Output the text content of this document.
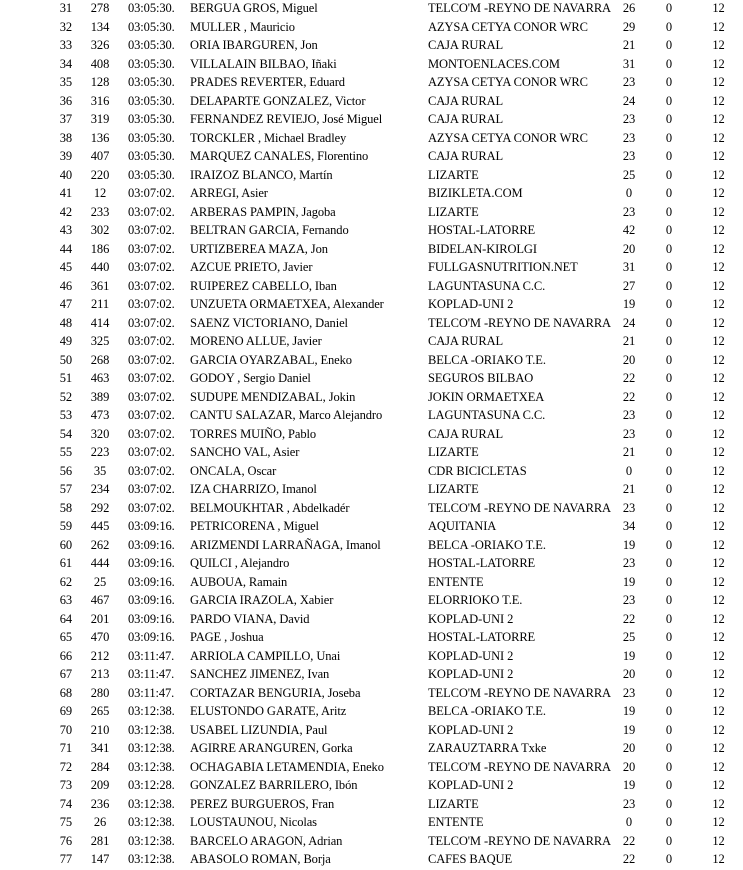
31	278	03:05:30.	BERGUA GROS, Miguel	TELCO'M -REYNO DE NAVARRA	26	0	12
32	134	03:05:30.	MULLER , Mauricio	AZYSA CETYA CONOR WRC	29	0	12
33	326	03:05:30.	ORIA IBARGUREN, Jon	CAJA RURAL	21	0	12
34	408	03:05:30.	VILLALAIN BILBAO, Iñaki	MONTOENLACES.COM	31	0	12
35	128	03:05:30.	PRADES REVERTER, Eduard	AZYSA CETYA CONOR WRC	23	0	12
36	316	03:05:30.	DELAPARTE GONZALEZ, Victor	CAJA RURAL	24	0	12
37	319	03:05:30.	FERNANDEZ REVIEJO, José Miguel	CAJA RURAL	23	0	12
38	136	03:05:30.	TORCKLER , Michael Bradley	AZYSA CETYA CONOR WRC	23	0	12
39	407	03:05:30.	MARQUEZ CANALES, Florentino	CAJA RURAL	23	0	12
40	220	03:05:30.	IRAIZOZ BLANCO, Martín	LIZARTE	25	0	12
41	12	03:07:02.	ARREGI, Asier	BIZIKLETA.COM	0	0	12
42	233	03:07:02.	ARBERAS PAMPIN, Jagoba	LIZARTE	23	0	12
43	302	03:07:02.	BELTRAN GARCIA, Fernando	HOSTAL-LATORRE	42	0	12
44	186	03:07:02.	URTIZBEREA MAZA, Jon	BIDELAN-KIROLGI	20	0	12
45	440	03:07:02.	AZCUE PRIETO, Javier	FULLGASNUTRITION.NET	31	0	12
46	361	03:07:02.	RUIPEREZ CABELLO, Iban	LAGUNTASUNA C.C.	27	0	12
47	211	03:07:02.	UNZUETA ORMAETXEA, Alexander	KOPLAD-UNI 2	19	0	12
48	414	03:07:02.	SAENZ VICTORIANO, Daniel	TELCO'M -REYNO DE NAVARRA	24	0	12
49	325	03:07:02.	MORENO ALLUE, Javier	CAJA RURAL	21	0	12
50	268	03:07:02.	GARCIA OYARZABAL, Eneko	BELCA -ORIAKO T.E.	20	0	12
51	463	03:07:02.	GODOY , Sergio Daniel	SEGUROS BILBAO	22	0	12
52	389	03:07:02.	SUDUPE MENDIZABAL, Jokin	JOKIN ORMAETXEA	22	0	12
53	473	03:07:02.	CANTU SALAZAR, Marco Alejandro	LAGUNTASUNA C.C.	23	0	12
54	320	03:07:02.	TORRES MUIÑO, Pablo	CAJA RURAL	23	0	12
55	223	03:07:02.	SANCHO VAL, Asier	LIZARTE	21	0	12
56	35	03:07:02.	ONCALA, Oscar	CDR BICICLETAS	0	0	12
57	234	03:07:02.	IZA CHARRIZO, Imanol	LIZARTE	21	0	12
58	292	03:07:02.	BELMOUKHTAR , Abdelkadér	TELCO'M -REYNO DE NAVARRA	23	0	12
59	445	03:09:16.	PETRICORENA , Miguel	AQUITANIA	34	0	12
60	262	03:09:16.	ARIZMENDI LARRAÑAGA, Imanol	BELCA -ORIAKO T.E.	19	0	12
61	444	03:09:16.	QUILCI , Alejandro	HOSTAL-LATORRE	23	0	12
62	25	03:09:16.	AUBOUA, Ramain	ENTENTE	19	0	12
63	467	03:09:16.	GARCIA IRAZOLA, Xabier	ELORRIOKO T.E.	23	0	12
64	201	03:09:16.	PARDO VIANA, David	KOPLAD-UNI 2	22	0	12
65	470	03:09:16.	PAGE , Joshua	HOSTAL-LATORRE	25	0	12
66	212	03:11:47.	ARRIOLA CAMPILLO, Unai	KOPLAD-UNI 2	19	0	12
67	213	03:11:47.	SANCHEZ JIMENEZ, Ivan	KOPLAD-UNI 2	20	0	12
68	280	03:11:47.	CORTAZAR BENGURIA, Joseba	TELCO'M -REYNO DE NAVARRA	23	0	12
69	265	03:12:38.	ELUSTONDO GARATE, Aritz	BELCA -ORIAKO T.E.	19	0	12
70	210	03:12:38.	USABEL LIZUNDIA, Paul	KOPLAD-UNI 2	19	0	12
71	341	03:12:38.	AGIRRE ARANGUREN, Gorka	ZARAUZTARRA Txke	20	0	12
72	284	03:12:38.	OCHAGABIA LETAMENDIA, Eneko	TELCO'M -REYNO DE NAVARRA	20	0	12
73	209	03:12:28.	GONZALEZ BARRILERO, Ibón	KOPLAD-UNI 2	19	0	12
74	236	03:12:38.	PEREZ BURGUEROS, Fran	LIZARTE	23	0	12
75	26	03:12:38.	LOUSTAUNOU, Nicolas	ENTENTE	0	0	12
76	281	03:12:38.	BARCELO ARAGON, Adrian	TELCO'M -REYNO DE NAVARRA	22	0	12
77	147	03:12:38.	ABASOLO ROMAN, Borja	CAFES BAQUE	22	0	12
